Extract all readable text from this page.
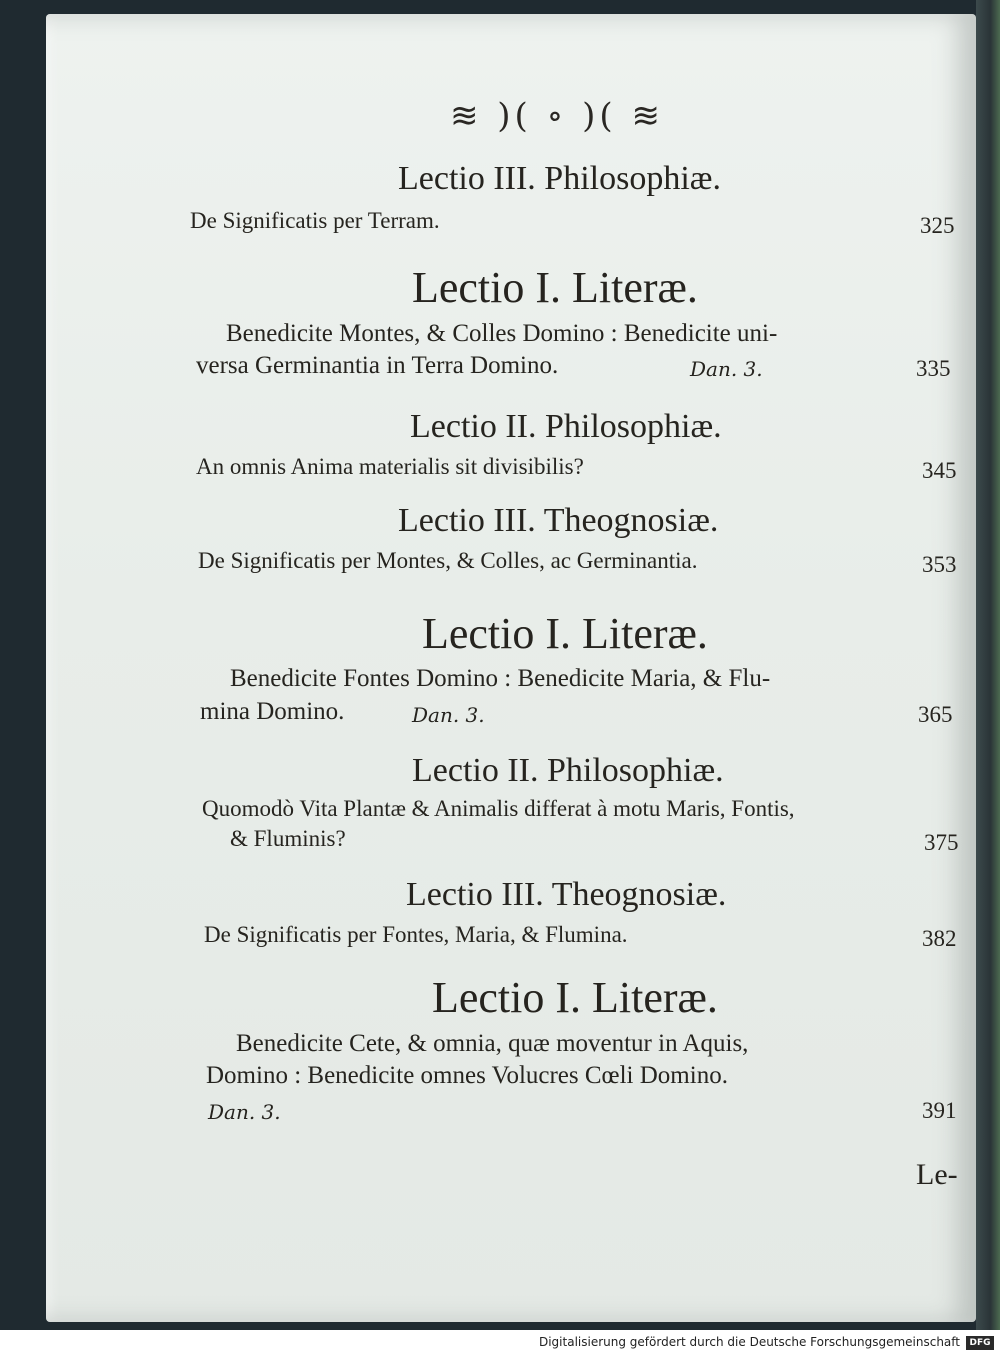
≋ )( ∘ )( ≋
Lectio III. Philosophiæ.
De Significatis per Terram.	325
Lectio I. Literæ.
Benedicite Montes, & Colles Domino : Benedicite uni-
versa Germinantia in Terra Domino.	Dan. 3.	335
Lectio II. Philosophiæ.
An omnis Anima materialis sit divisibilis?	345
Lectio III. Theognosiæ.
De Significatis per Montes, & Colles, ac Germinantia.	353
Lectio I. Literæ.
Benedicite Fontes Domino : Benedicite Maria, & Flu-
mina Domino.	Dan. 3.	365
Lectio II. Philosophiæ.
Quomodò Vita Plantæ & Animalis differat à motu Maris, Fontis,
& Fluminis?	375
Lectio III. Theognosiæ.
De Significatis per Fontes, Maria, & Flumina.	382
Lectio I. Literæ.
Benedicite Cete, & omnia, quæ moventur in Aquis,
Domino : Benedicite omnes Volucres Cœli Domino.
Dan. 3.	391
Le-
Digitalisierung gefördert durch die Deutsche Forschungsgemeinschaft	DFG
